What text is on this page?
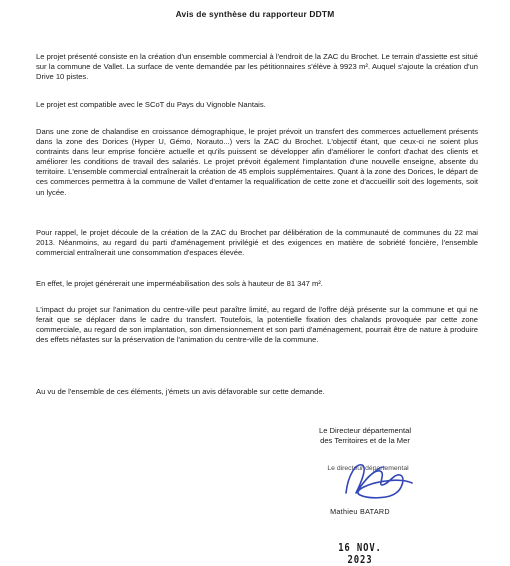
Avis de synthèse du rapporteur DDTM
Le projet présenté consiste en la création d'un ensemble commercial à l'endroit de la ZAC du Brochet. Le terrain d'assiette est situé sur la commune de Vallet. La surface de vente demandée par les pétitionnaires s'élève à 9923 m². Auquel s'ajoute la création d'un Drive 10 pistes.
Le projet est compatible avec le SCoT du Pays du Vignoble Nantais.
Dans une zone de chalandise en croissance démographique, le projet prévoit un transfert des commerces actuellement présents dans la zone des Dorices (Hyper U, Gémo, Norauto...) vers la ZAC du Brochet. L'objectif étant, que ceux-ci ne soient plus contraints dans leur emprise foncière actuelle et qu'ils puissent se développer afin d'améliorer le confort d'achat des clients et améliorer les conditions de travail des salariés. Le projet prévoit également l'implantation d'une nouvelle enseigne, absente du territoire. L'ensemble commercial entraînerait la création de 45 emplois supplémentaires. Quant à la zone des Dorices, le départ de ces commerces permettra à la commune de Vallet d'entamer la requalification de cette zone et d'accueillir soit des logements, soit un lycée.
Pour rappel, le projet découle de la création de la ZAC du Brochet par délibération de la communauté de communes du 22 mai 2013. Néanmoins, au regard du parti d'aménagement privilégié et des exigences en matière de sobriété foncière, l'ensemble commercial entraînerait une consommation d'espaces élevée.
En effet, le projet générerait une imperméabilisation des sols à hauteur de 81 347 m².
L'impact du projet sur l'animation du centre-ville peut paraître limité, au regard de l'offre déjà présente sur la commune et qui ne ferait que se déplacer dans le cadre du transfert. Toutefois, la potentielle fixation des chalands provoquée par cette zone commerciale, au regard de son implantation, son dimensionnement et son parti d'aménagement, pourrait être de nature à produire des effets néfastes sur la préservation de l'animation du centre-ville de la commune.
Au vu de l'ensemble de ces éléments, j'émets un avis défavorable sur cette demande.
Le Directeur départemental
des Territoires et de la Mer
Le directeur départemental
Mathieu BATARD
16 NOV. 2023
